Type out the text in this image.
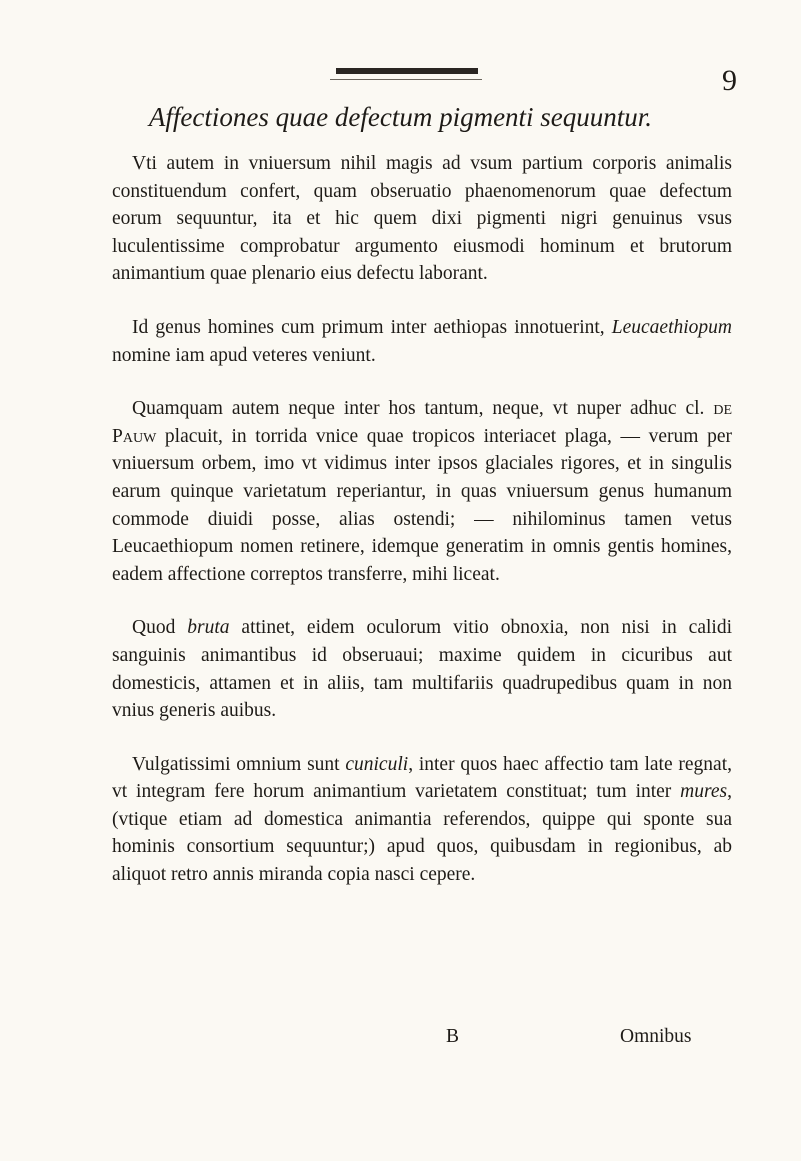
9
Affectiones quae defectum pigmenti sequuntur.

Vti autem in vniuersum nihil magis ad vsum partium corporis animalis constituendum confert, quam obseruatio phaenomenorum quae defectum eorum sequuntur, ita et hic quem dixi pigmenti nigri genuinus vsus luculentissime comprobatur argumento eiusmodi hominum et brutorum animantium quae plenario eius defectu laborant.

Id genus homines cum primum inter aethiopas innotuerint, Leucaethiopum nomine iam apud veteres veniunt.

Quamquam autem neque inter hos tantum, neque, vt nuper adhuc cl. de Pauw placuit, in torrida vnice quae tropicos interiacet plaga, — verum per vniuersum orbem, imo vt vidimus inter ipsos glaciales rigores, et in singulis earum quinque varietatum reperiantur, in quas vniuersum genus humanum commode diuidi posse, alias ostendi; — nihilominus tamen vetus Leucaethiopum nomen retinere, idemque generatim in omnis gentis homines, eadem affectione correptos transferre, mihi liceat.

Quod bruta attinet, eidem oculorum vitio obnoxia, non nisi in calidi sanguinis animantibus id obseruaui; maxime quidem in cicuribus aut domesticis, attamen et in aliis, tam multifariis quadrupedibus quam in non vnius generis auibus.

Vulgatissimi omnium sunt cuniculi, inter quos haec affectio tam late regnat, vt integram fere horum animantium varietatem constituat; tum inter mures, (vtique etiam ad domestica animantia referendos, quippe qui sponte sua hominis consortium sequuntur;) apud quos, quibusdam in regionibus, ab aliquot retro annis miranda copia nasci cepere.

B	Omnibus
